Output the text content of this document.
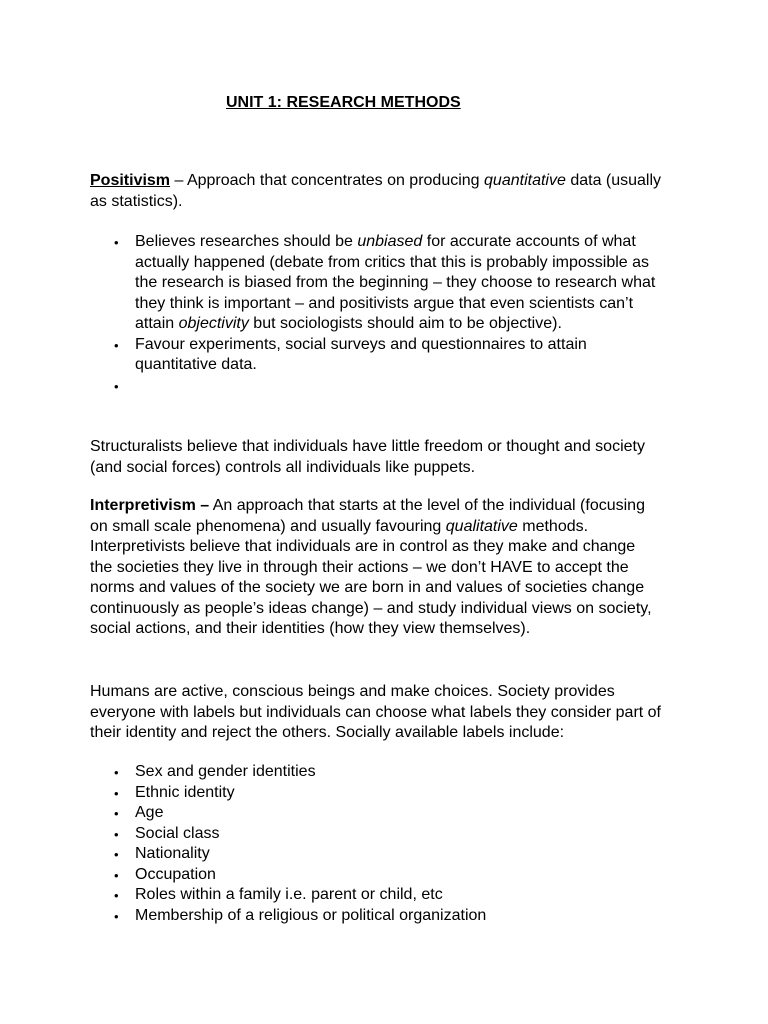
UNIT 1: RESEARCH METHODS

Positivism – Approach that concentrates on producing quantitative data (usually as statistics).

• Believes researches should be unbiased for accurate accounts of what actually happened (debate from critics that this is probably impossible as the research is biased from the beginning – they choose to research what they think is important – and positivists argue that even scientists can’t attain objectivity but sociologists should aim to be objective).
• Favour experiments, social surveys and questionnaires to attain quantitative data.
•

Structuralists believe that individuals have little freedom or thought and society (and social forces) controls all individuals like puppets.

Interpretivism – An approach that starts at the level of the individual (focusing on small scale phenomena) and usually favouring qualitative methods. Interpretivists believe that individuals are in control as they make and change the societies they live in through their actions – we don’t HAVE to accept the norms and values of the society we are born in and values of societies change continuously as people’s ideas change) – and study individual views on society, social actions, and their identities (how they view themselves).

Humans are active, conscious beings and make choices. Society provides everyone with labels but individuals can choose what labels they consider part of their identity and reject the others. Socially available labels include:

• Sex and gender identities
• Ethnic identity
• Age
• Social class
• Nationality
• Occupation
• Roles within a family i.e. parent or child, etc
• Membership of a religious or political organization
